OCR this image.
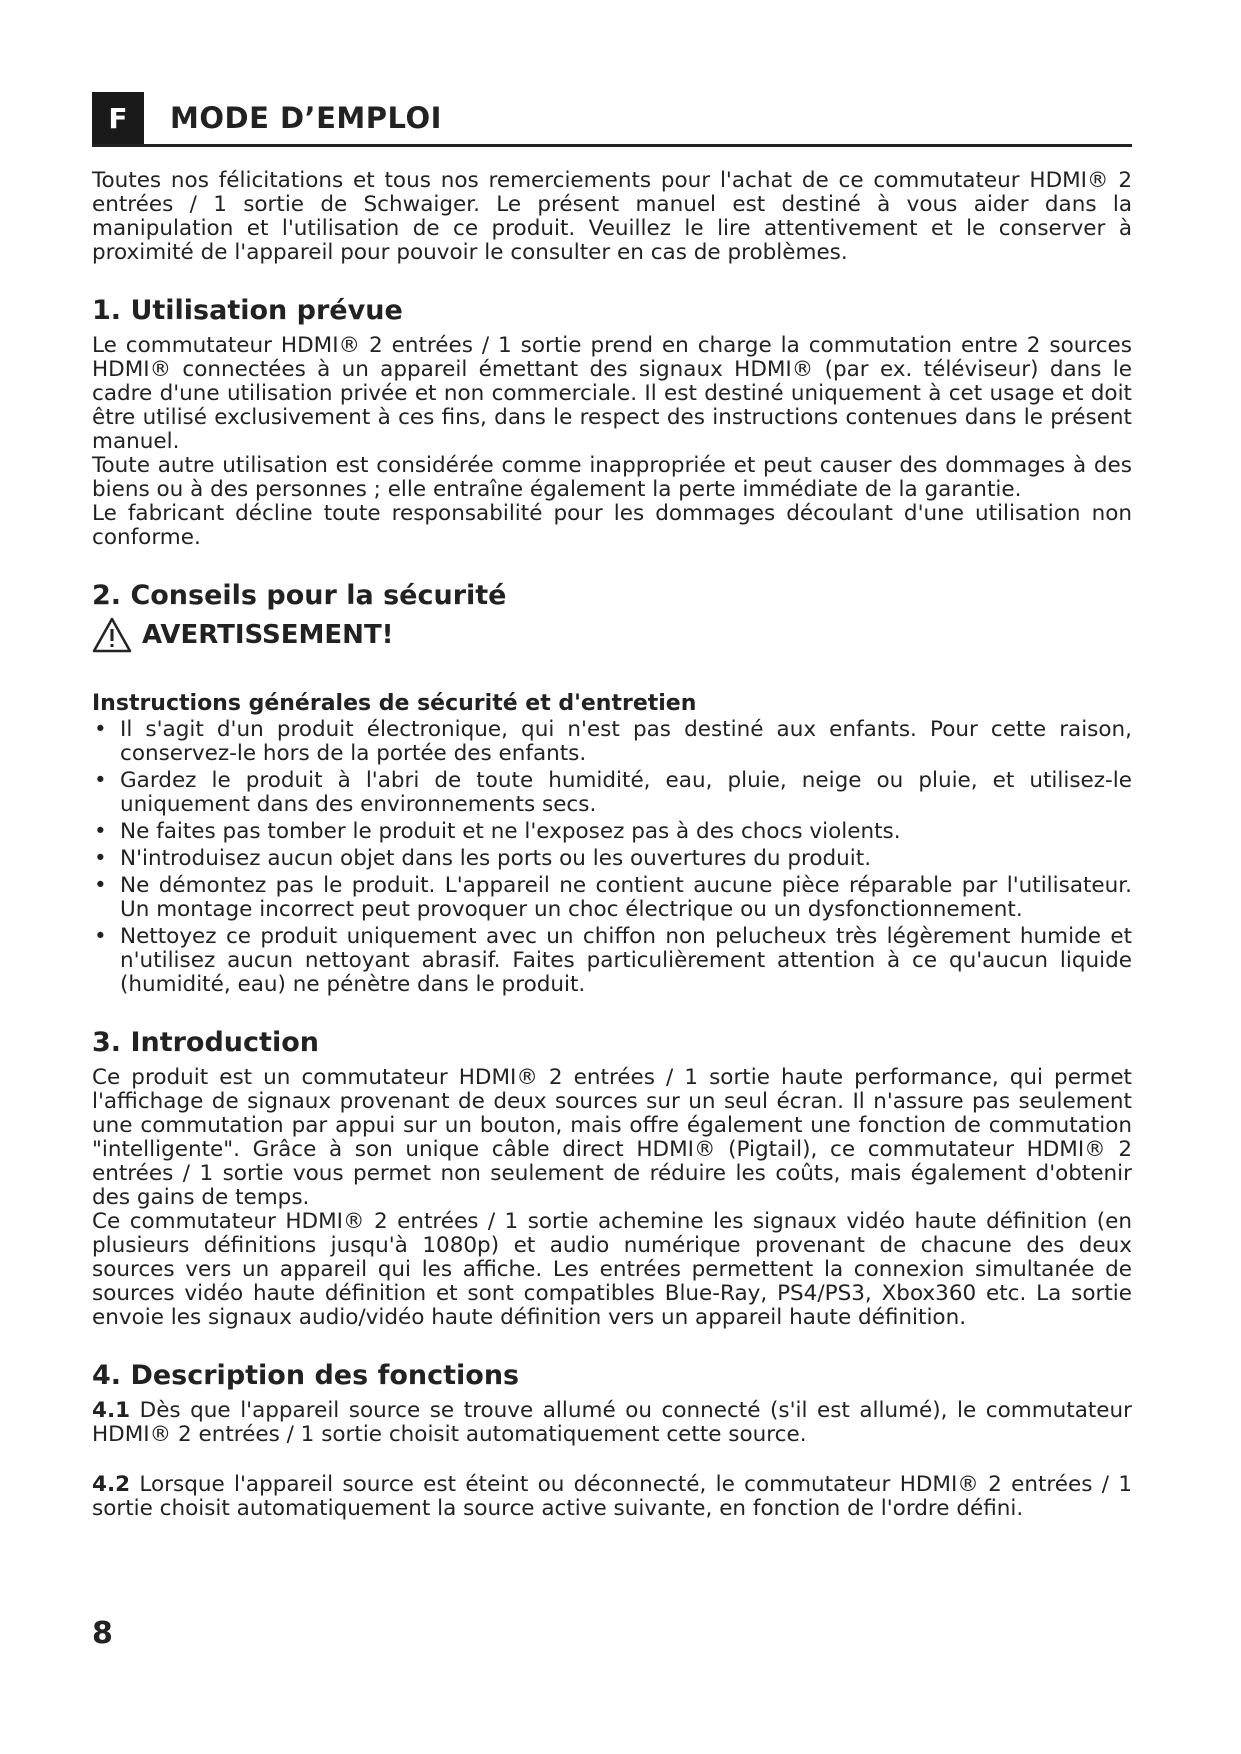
F	MODE D’EMPLOI

Toutes nos félicitations et tous nos remerciements pour l'achat de ce commutateur HDMI® 2 entrées / 1 sortie de Schwaiger. Le présent manuel est destiné à vous aider dans la manipulation et l'utilisation de ce produit. Veuillez le lire attentivement et le conserver à proximité de l'appareil pour pouvoir le consulter en cas de problèmes.

1. Utilisation prévue

Le commutateur HDMI® 2 entrées / 1 sortie prend en charge la commutation entre 2 sources HDMI® connectées à un appareil émettant des signaux HDMI® (par ex. téléviseur) dans le cadre d'une utilisation privée et non commerciale. Il est destiné uniquement à cet usage et doit être utilisé exclusivement à ces fins, dans le respect des instructions contenues dans le présent manuel.

Toute autre utilisation est considérée comme inappropriée et peut causer des dommages à des biens ou à des personnes ; elle entraîne également la perte immédiate de la garantie.

Le fabricant décline toute responsabilité pour les dommages découlant d'une utilisation non conforme.

2. Conseils pour la sécurité
AVERTISSEMENT!
Instructions générales de sécurité et d'entretien
• Il s'agit d'un produit électronique, qui n'est pas destiné aux enfants. Pour cette raison, conservez-le hors de la portée des enfants.
• Gardez le produit à l'abri de toute humidité, eau, pluie, neige ou pluie, et utilisez-le uniquement dans des environnements secs.
• Ne faites pas tomber le produit et ne l'exposez pas à des chocs violents.
• N'introduisez aucun objet dans les ports ou les ouvertures du produit.
• Ne démontez pas le produit. L'appareil ne contient aucune pièce réparable par l'utilisateur. Un montage incorrect peut provoquer un choc électrique ou un dysfonctionnement.
• Nettoyez ce produit uniquement avec un chiffon non pelucheux très légèrement humide et n'utilisez aucun nettoyant abrasif. Faites particulièrement attention à ce qu'aucun liquide (humidité, eau) ne pénètre dans le produit.
3. Introduction

Ce produit est un commutateur HDMI® 2 entrées / 1 sortie haute performance, qui permet l'affichage de signaux provenant de deux sources sur un seul écran. Il n'assure pas seulement une commutation par appui sur un bouton, mais offre également une fonction de commutation "intelligente". Grâce à son unique câble direct HDMI® (Pigtail), ce commutateur HDMI® 2 entrées / 1 sortie vous permet non seulement de réduire les coûts, mais également d'obtenir des gains de temps.

Ce commutateur HDMI® 2 entrées / 1 sortie achemine les signaux vidéo haute définition (en plusieurs définitions jusqu'à 1080p) et audio numérique provenant de chacune des deux sources vers un appareil qui les affiche. Les entrées permettent la connexion simultanée de sources vidéo haute définition et sont compatibles Blue-Ray, PS4/PS3, Xbox360 etc. La sortie envoie les signaux audio/vidéo haute définition vers un appareil haute définition.

4. Description des fonctions

4.1 Dès que l'appareil source se trouve allumé ou connecté (s'il est allumé), le commutateur HDMI® 2 entrées / 1 sortie choisit automatiquement cette source.

4.2 Lorsque l'appareil source est éteint ou déconnecté, le commutateur HDMI® 2 entrées / 1 sortie choisit automatiquement la source active suivante, en fonction de l'ordre défini.

8
